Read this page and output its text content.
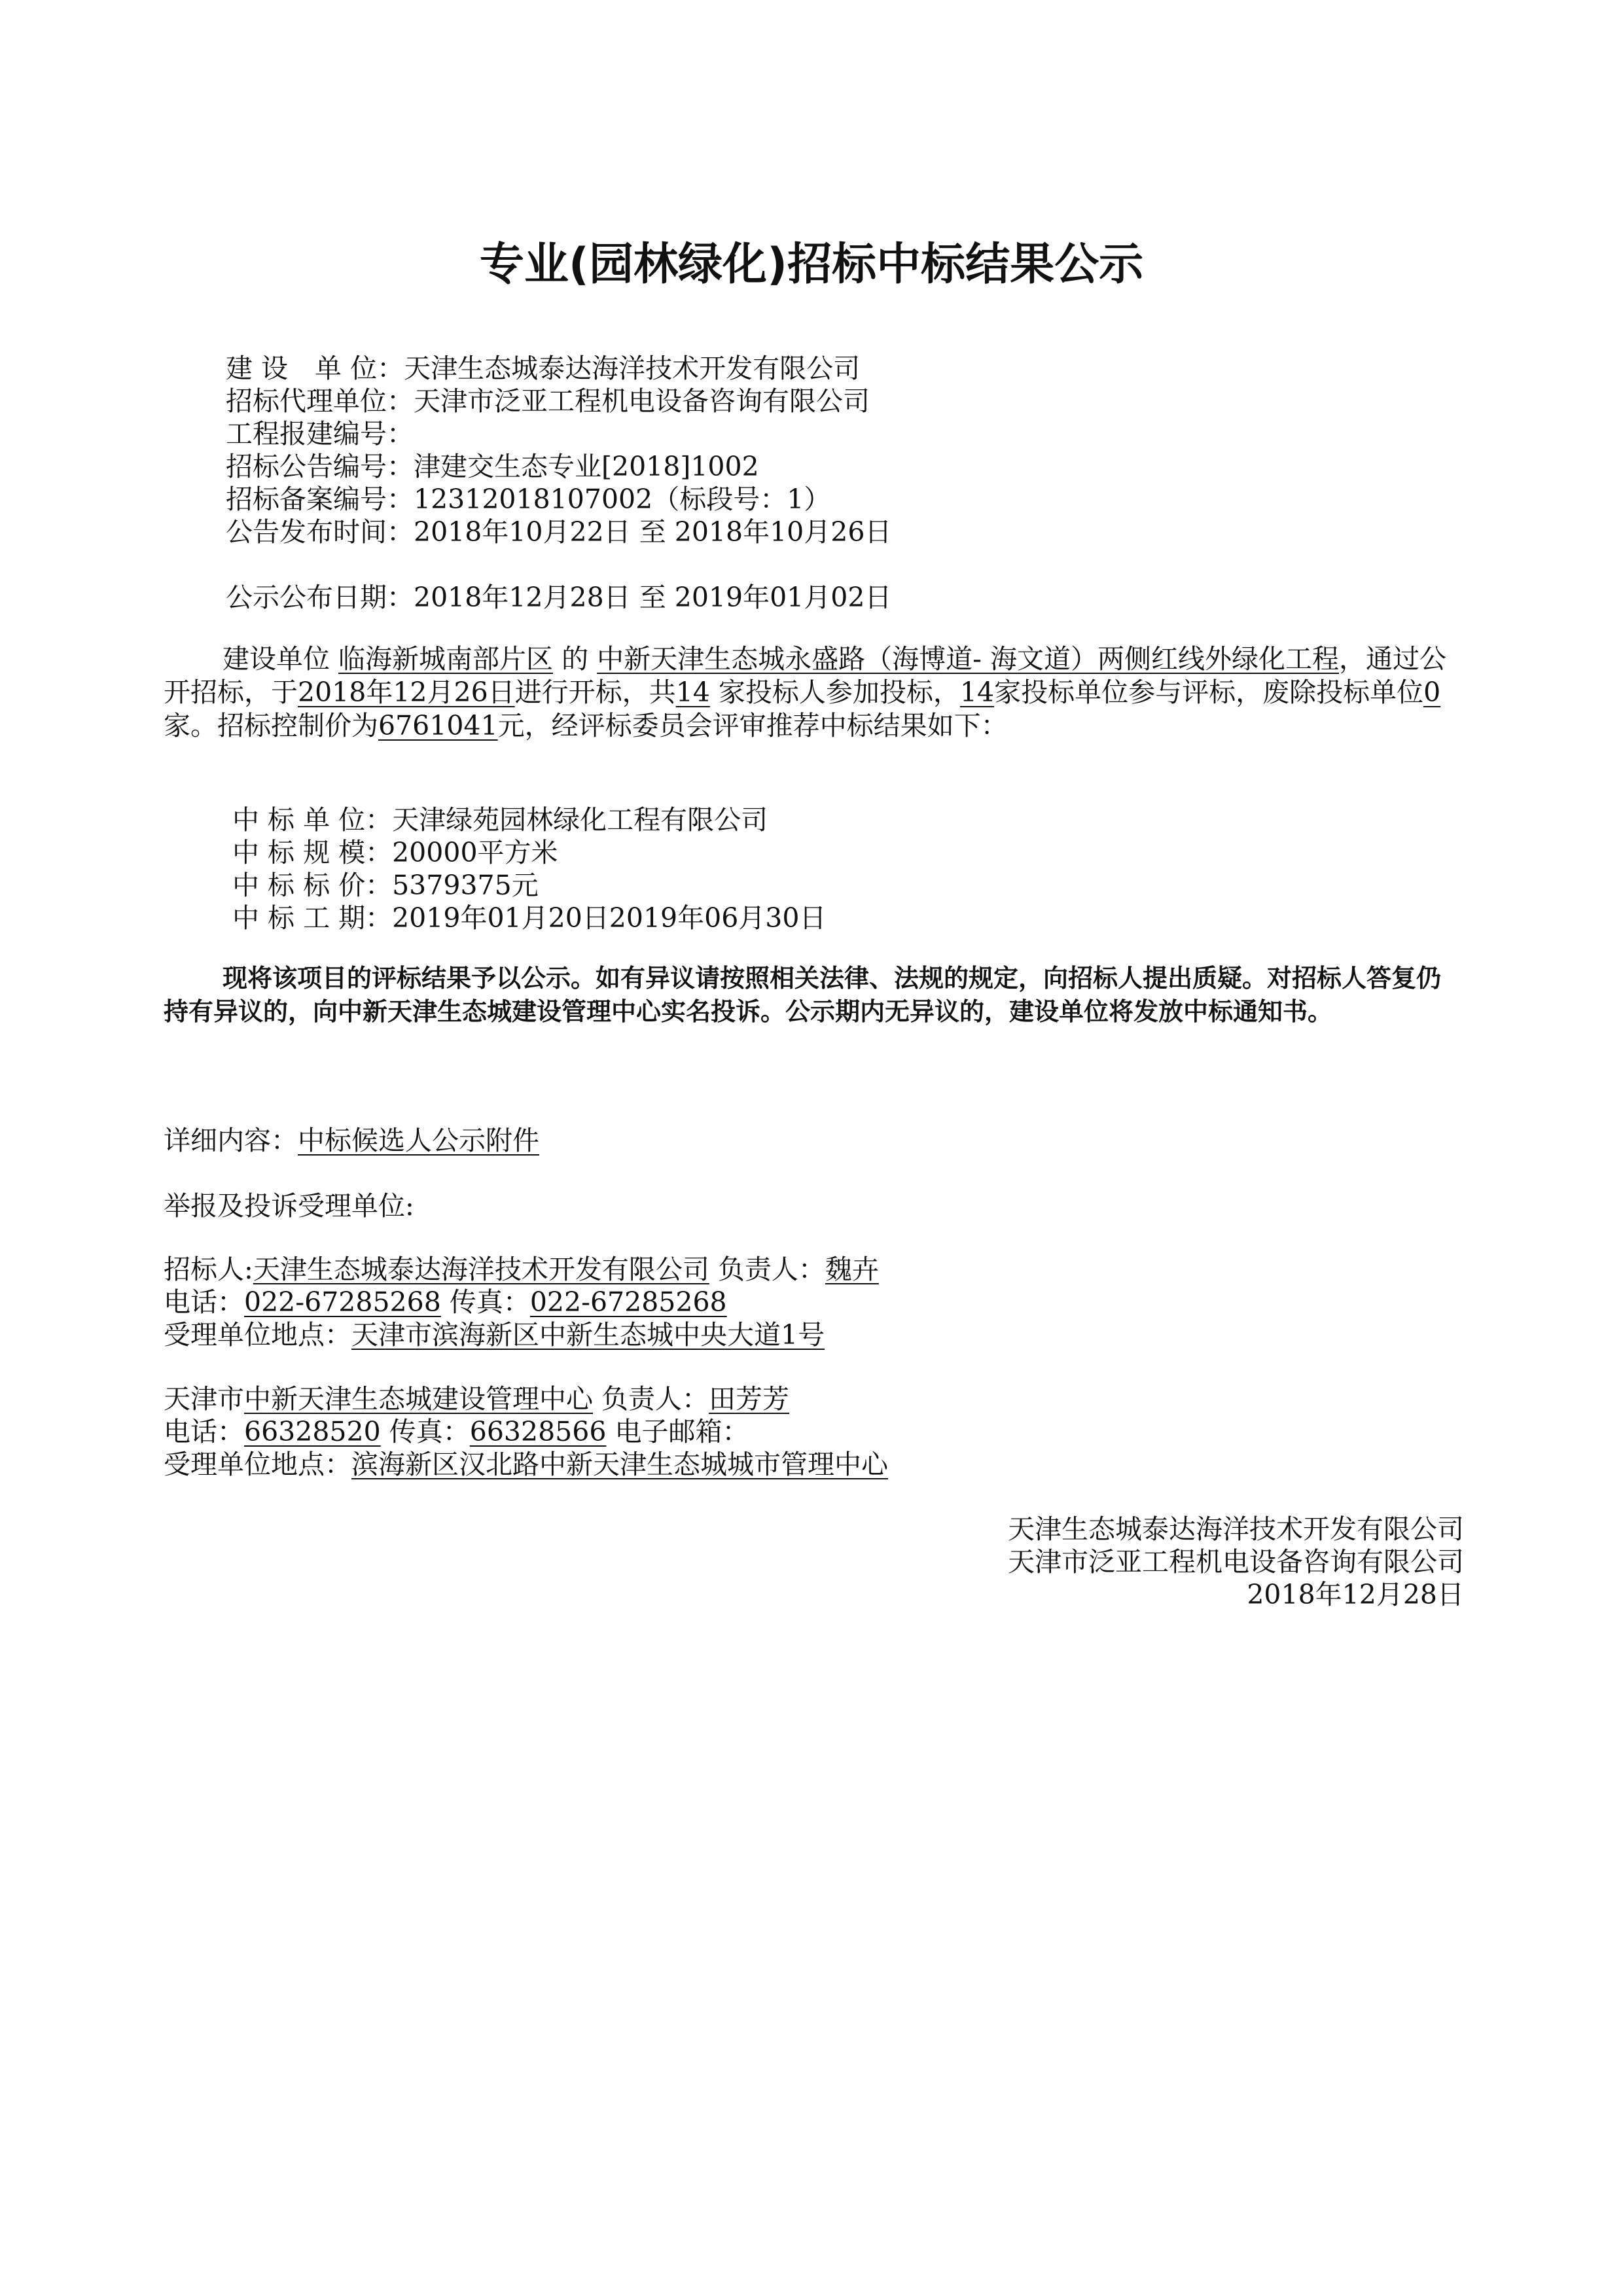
专业(园林绿化)招标中标结果公示
建 设　单 位：天津生态城泰达海洋技术开发有限公司
招标代理单位：天津市泛亚工程机电设备咨询有限公司
工程报建编号：
招标公告编号：津建交生态专业[2018]1002
招标备案编号：12312018107002（标段号：1）
公告发布时间：2018年10月22日 至 2018年10月26日
公示公布日期：2018年12月28日 至 2019年01月02日
建设单位 临海新城南部片区 的 中新天津生态城永盛路（海博道- 海文道）两侧红线外绿化工程，通过公开招标，于2018年12月26日进行开标，共14 家投标人参加投标，14家投标单位参与评标，废除投标单位0家。招标控制价为6761041元，经评标委员会评审推荐中标结果如下：
中 标 单 位：天津绿苑园林绿化工程有限公司
中 标 规 模：20000平方米
中 标 标 价：5379375元
中 标 工 期：2019年01月20日2019年06月30日
现将该项目的评标结果予以公示。如有异议请按照相关法律、法规的规定，向招标人提出质疑。对招标人答复仍持有异议的，向中新天津生态城建设管理中心实名投诉。公示期内无异议的，建设单位将发放中标通知书。
详细内容：中标候选人公示附件
举报及投诉受理单位:
招标人:天津生态城泰达海洋技术开发有限公司 负责人：魏卉
电话：022-67285268 传真：022-67285268
受理单位地点：天津市滨海新区中新生态城中央大道1号
天津市中新天津生态城建设管理中心 负责人：田芳芳
电话：66328520 传真：66328566 电子邮箱：
受理单位地点：滨海新区汉北路中新天津生态城城市管理中心
天津生态城泰达海洋技术开发有限公司
天津市泛亚工程机电设备咨询有限公司
2018年12月28日
